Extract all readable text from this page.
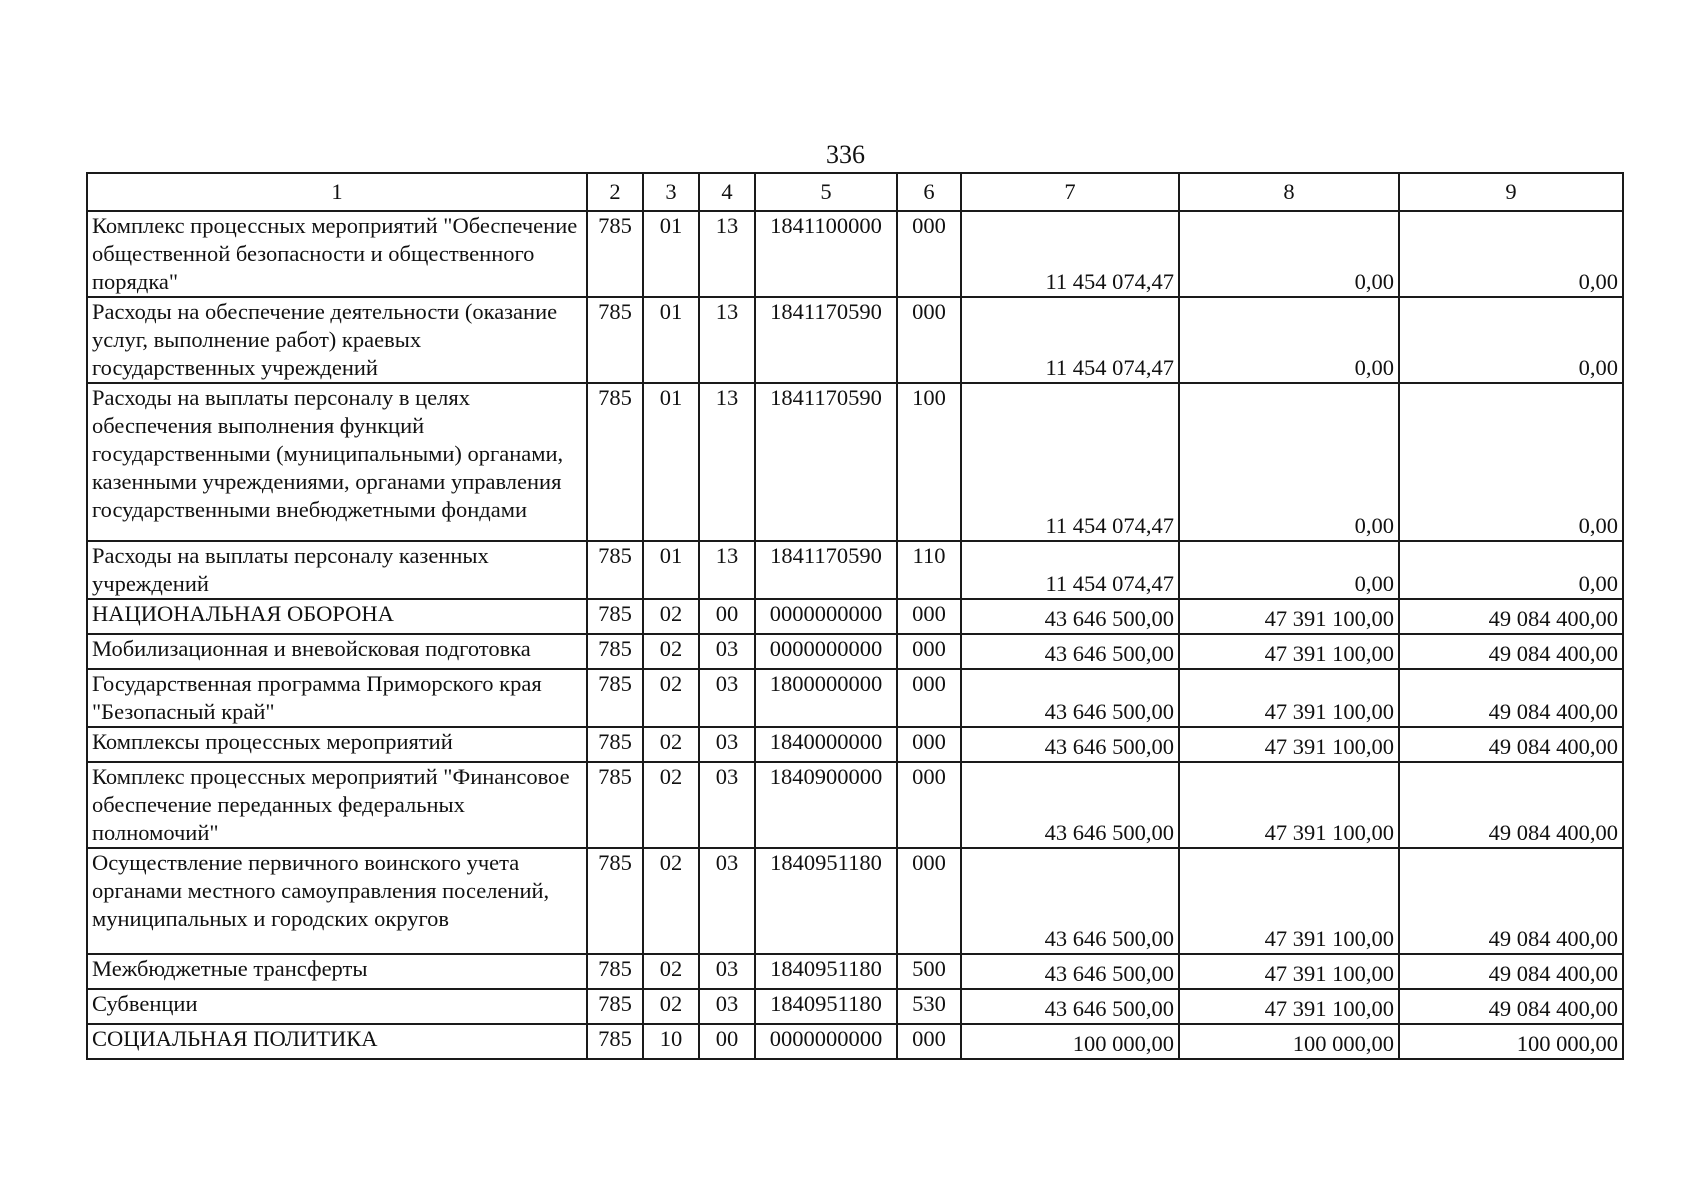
336
1	2	3	4	5	6	7	8	9
Комплекс процессных мероприятий "Обеспечение общественной безопасности и общественного порядка"	785	01	13	1841100000	000	11 454 074,47	0,00	0,00
Расходы на обеспечение деятельности (оказание услуг, выполнение работ) краевых государственных учреждений	785	01	13	1841170590	000	11 454 074,47	0,00	0,00
Расходы на выплаты персоналу в целях обеспечения выполнения функций государственными (муниципальными) органами, казенными учреждениями, органами управления государственными внебюджетными фондами	785	01	13	1841170590	100	11 454 074,47	0,00	0,00
Расходы на выплаты персоналу казенных учреждений	785	01	13	1841170590	110	11 454 074,47	0,00	0,00
НАЦИОНАЛЬНАЯ ОБОРОНА	785	02	00	0000000000	000	43 646 500,00	47 391 100,00	49 084 400,00
Мобилизационная и вневойсковая подготовка	785	02	03	0000000000	000	43 646 500,00	47 391 100,00	49 084 400,00
Государственная программа Приморского края "Безопасный край"	785	02	03	1800000000	000	43 646 500,00	47 391 100,00	49 084 400,00
Комплексы процессных мероприятий	785	02	03	1840000000	000	43 646 500,00	47 391 100,00	49 084 400,00
Комплекс процессных мероприятий "Финансовое обеспечение переданных федеральных полномочий"	785	02	03	1840900000	000	43 646 500,00	47 391 100,00	49 084 400,00
Осуществление первичного воинского учета органами местного самоуправления поселений, муниципальных и городских округов	785	02	03	1840951180	000	43 646 500,00	47 391 100,00	49 084 400,00
Межбюджетные трансферты	785	02	03	1840951180	500	43 646 500,00	47 391 100,00	49 084 400,00
Субвенции	785	02	03	1840951180	530	43 646 500,00	47 391 100,00	49 084 400,00
СОЦИАЛЬНАЯ ПОЛИТИКА	785	10	00	0000000000	000	100 000,00	100 000,00	100 000,00
